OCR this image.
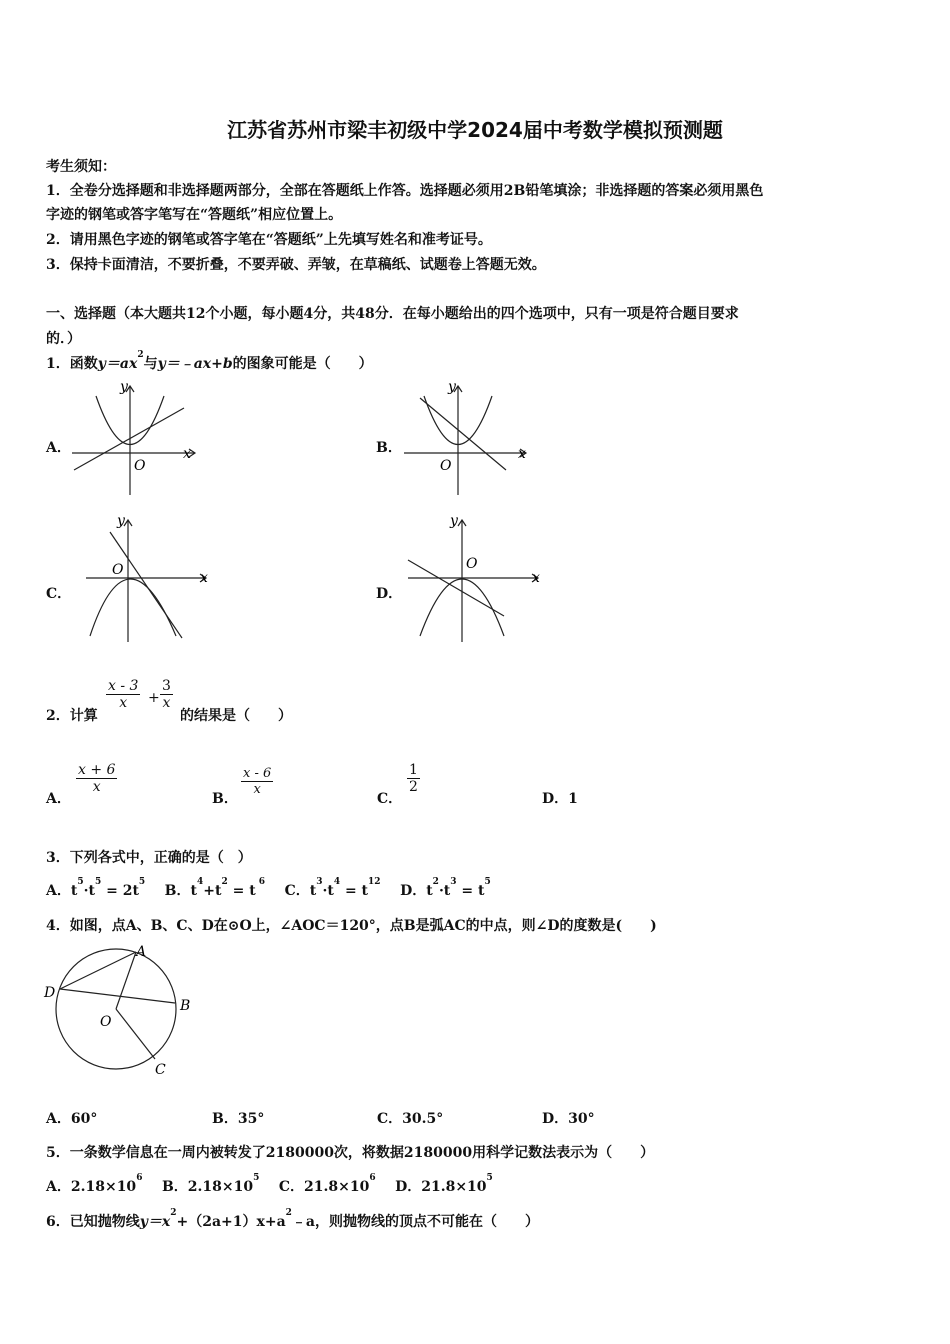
江苏省苏州市梁丰初级中学2024届中考数学模拟预测题
考生须知：
1．全卷分选择题和非选择题两部分，全部在答题纸上作答。选择题必须用2B铅笔填涂；非选择题的答案必须用黑色
字迹的钢笔或答字笔写在“答题纸”相应位置上。
2．请用黑色字迹的钢笔或答字笔在“答题纸”上先填写姓名和准考证号。
3．保持卡面清洁，不要折叠，不要弄破、弄皱，在草稿纸、试题卷上答题无效。
一、选择题（本大题共12个小题，每小题4分，共48分．在每小题给出的四个选项中，只有一项是符合题目要求
的．）
1．函数$y=ax^2$与y＝﹣ax+b的图象可能是（　　）
A．	B．
C．	D．
x
y
O
x
y
O
x
y
O	x
y
O
2．计算
$\frac{x - 3}{x} + \frac{3}{x}$
的结果是（　　）
A．
$\frac{x + 6}{x}$
B．
$\frac{x - 6}{x}$
C．
$\frac{1}{2}$
D．1
3．下列各式中，正确的是（　）
A．$t^5\cdot t^5 = 2t^5$    B．$t^4+t^2 = t$ $^6$    C．$t^3\cdot t^4 = t^{12}$    D．$t^2\cdot t^3 = t^5$
4．如图，点A、B、C、D在⊙O上，∠AOC＝120°，点B是弧AC的中点，则∠D的度数是(　　)
A
B
C
D
O
A．60°	B．35°	C．30.5°	D．30°
5．一条数学信息在一周内被转发了2180000次，将数据2180000用科学记数法表示为（　　）
A．$2.18\times 10^6$    B．$2.18\times 10^5$    C．$21.8\times 10^6$    D．$21.8\times 10^5$
6．已知抛物线$y=x^2+(2a+1)x+a^2﹣a$，则抛物线的顶点不可能在（　　）
